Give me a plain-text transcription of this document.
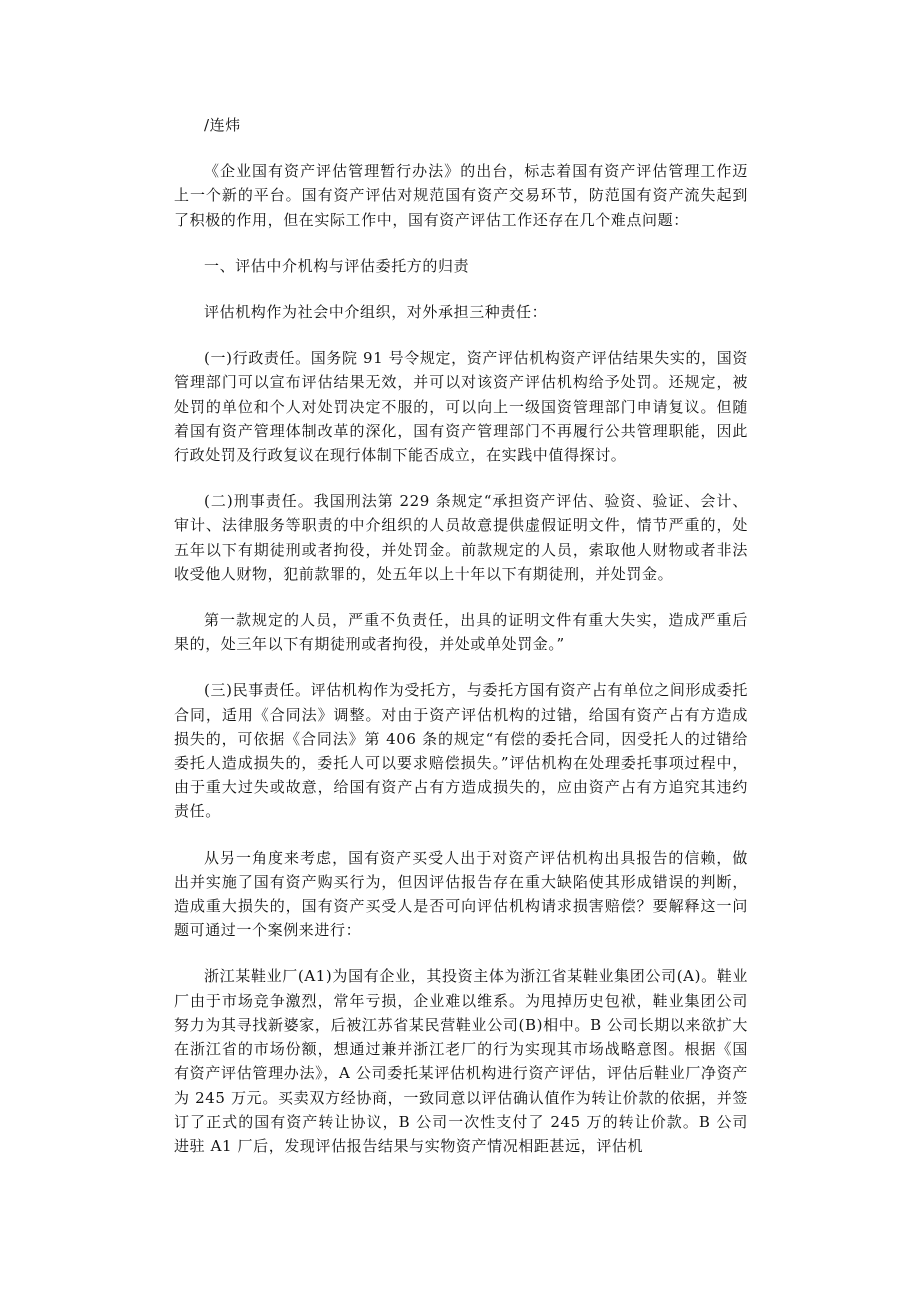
/连炜

《企业国有资产评估管理暂行办法》的出台，标志着国有资产评估管理工作迈上一个新的平台。国有资产评估对规范国有资产交易环节，防范国有资产流失起到了积极的作用，但在实际工作中，国有资产评估工作还存在几个难点问题：

一、评估中介机构与评估委托方的归责

评估机构作为社会中介组织，对外承担三种责任：

(一)行政责任。国务院 91 号令规定，资产评估机构资产评估结果失实的，国资管理部门可以宣布评估结果无效，并可以对该资产评估机构给予处罚。还规定，被处罚的单位和个人对处罚决定不服的，可以向上一级国资管理部门申请复议。但随着国有资产管理体制改革的深化，国有资产管理部门不再履行公共管理职能，因此行政处罚及行政复议在现行体制下能否成立，在实践中值得探讨。

(二)刑事责任。我国刑法第 229 条规定“承担资产评估、验资、验证、会计、审计、法律服务等职责的中介组织的人员故意提供虚假证明文件，情节严重的，处五年以下有期徒刑或者拘役，并处罚金。前款规定的人员，索取他人财物或者非法收受他人财物，犯前款罪的，处五年以上十年以下有期徒刑，并处罚金。

第一款规定的人员，严重不负责任，出具的证明文件有重大失实，造成严重后果的，处三年以下有期徒刑或者拘役，并处或单处罚金。”

(三)民事责任。评估机构作为受托方，与委托方国有资产占有单位之间形成委托合同，适用《合同法》调整。对由于资产评估机构的过错，给国有资产占有方造成损失的，可依据《合同法》第 406 条的规定“有偿的委托合同，因受托人的过错给委托人造成损失的，委托人可以要求赔偿损失。”评估机构在处理委托事项过程中，由于重大过失或故意，给国有资产占有方造成损失的，应由资产占有方追究其违约责任。

从另一角度来考虑，国有资产买受人出于对资产评估机构出具报告的信赖，做出并实施了国有资产购买行为，但因评估报告存在重大缺陷使其形成错误的判断，造成重大损失的，国有资产买受人是否可向评估机构请求损害赔偿？要解释这一问题可通过一个案例来进行：

浙江某鞋业厂(A1)为国有企业，其投资主体为浙江省某鞋业集团公司(A)。鞋业厂由于市场竞争激烈，常年亏损，企业难以维系。为甩掉历史包袱，鞋业集团公司努力为其寻找新婆家，后被江苏省某民营鞋业公司(B)相中。B 公司长期以来欲扩大在浙江省的市场份额，想通过兼并浙江老厂的行为实现其市场战略意图。根据《国有资产评估管理办法》，A 公司委托某评估机构进行资产评估，评估后鞋业厂净资产为 245 万元。买卖双方经协商，一致同意以评估确认值作为转让价款的依据，并签订了正式的国有资产转让协议，B 公司一次性支付了 245 万的转让价款。B 公司进驻 A1 厂后，发现评估报告结果与实物资产情况相距甚远，评估机
